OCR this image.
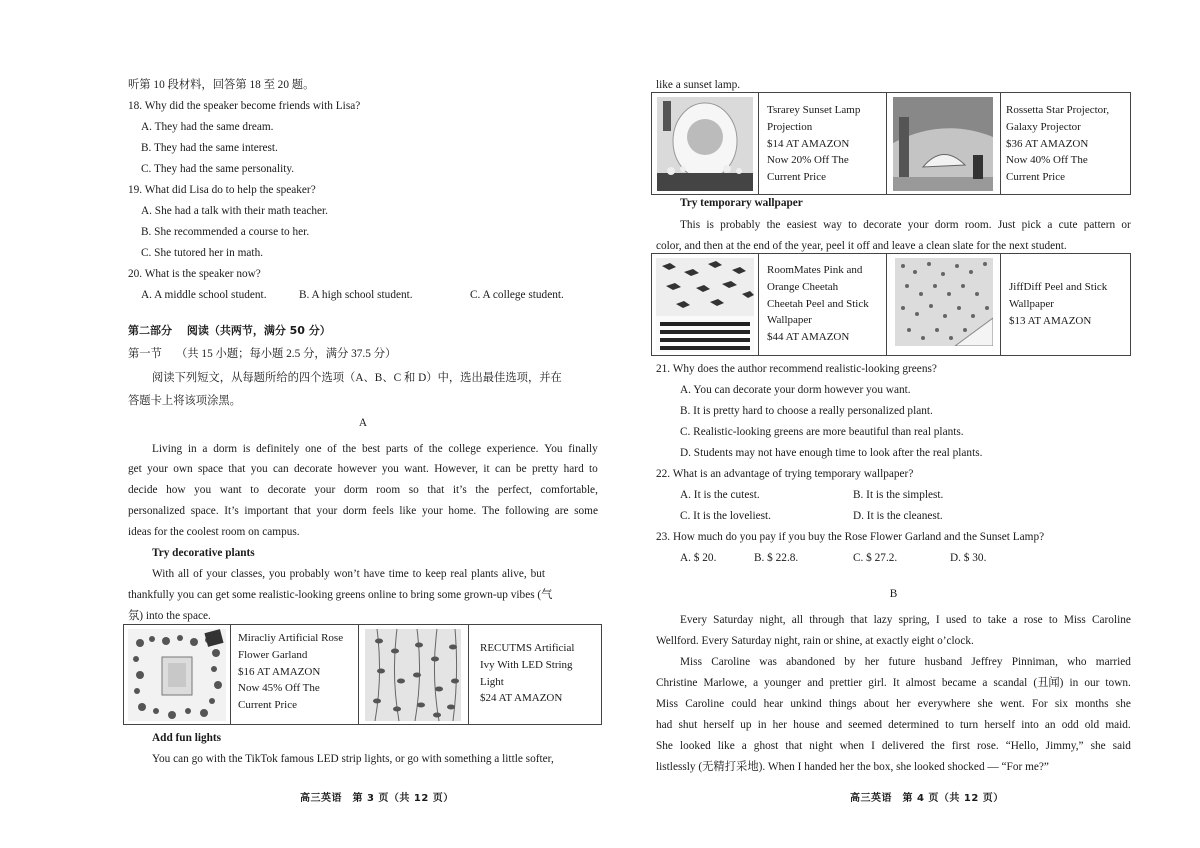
听第 10 段材料，回答第 18 至 20 题。
18. Why did the speaker become friends with Lisa?
A. They had the same dream.
B. They had the same interest.
C. They had the same personality.
19. What did Lisa do to help the speaker?
A. She had a talk with their math teacher.
B. She recommended a course to her.
C. She tutored her in math.
20. What is the speaker now?
A. A middle school student.	B. A high school student.	C. A college student.
第二部分　 阅读（共两节，满分 50 分）
第一节　 （共 15 小题；每小题 2.5 分，满分 37.5 分）
阅读下列短文，从每题所给的四个选项（A、B、C 和 D）中，选出最佳选项，并在
答题卡上将该项涂黑。
A
Living in a dorm is definitely one of the best parts of the college experience. You finally
get your own space that you can decorate however you want. However, it can be pretty hard to
decide how you want to decorate your dorm room so that it’s the perfect, comfortable,
personalized space. It’s important that your dorm feels like your home. The following are some
ideas for the coolest room on campus.
Try decorative plants
With all of your classes, you probably won’t have time to keep real plants alive, but
thankfully you can get some realistic-looking greens online to bring some grown-up vibes (气
氛) into the space.
Miracliy Artificial Rose
Flower Garland
$16 AT AMAZON
Now 45% Off The
Current Price
RECUTMS Artificial
Ivy With LED String
Light
$24 AT AMAZON
Add fun lights
You can go with the TikTok famous LED strip lights, or go with something a little softer,
高三英语　第 3 页（共 12 页）
like a sunset lamp.
Tsrarey Sunset Lamp
Projection
$14 AT AMAZON
Now 20% Off The
Current Price
Rossetta Star Projector,
Galaxy Projector
$36 AT AMAZON
Now 40% Off The
Current Price
Try temporary wallpaper
This is probably the easiest way to decorate your dorm room. Just pick a cute pattern or
color, and then at the end of the year, peel it off and leave a clean slate for the next student.
RoomMates Pink and
Orange Cheetah
Cheetah Peel and Stick
Wallpaper
$44 AT AMAZON
JiffDiff Peel and Stick
Wallpaper
$13 AT AMAZON
21. Why does the author recommend realistic-looking greens?
A. You can decorate your dorm however you want.
B. It is pretty hard to choose a really personalized plant.
C. Realistic-looking greens are more beautiful than real plants.
D. Students may not have enough time to look after the real plants.
22. What is an advantage of trying temporary wallpaper?
A. It is the cutest.	B. It is the simplest.
C. It is the loveliest.	D. It is the cleanest.
23. How much do you pay if you buy the Rose Flower Garland and the Sunset Lamp?
A. $ 20.	B. $ 22.8.	C. $ 27.2.	D. $ 30.
B
Every Saturday night, all through that lazy spring, I used to take a rose to Miss Caroline
Wellford. Every Saturday night, rain or shine, at exactly eight o’clock.
Miss Caroline was abandoned by her future husband Jeffrey Pinniman, who married
Christine Marlowe, a younger and prettier girl. It almost became a scandal (丑闻) in our town.
Miss Caroline could hear unkind things about her everywhere she went. For six months she
had shut herself up in her house and seemed determined to turn herself into an odd old maid.
She looked like a ghost that night when I delivered the first rose. “Hello, Jimmy,” she said
listlessly (无精打采地). When I handed her the box, she looked shocked — “For me?”
高三英语　第 4 页（共 12 页）
